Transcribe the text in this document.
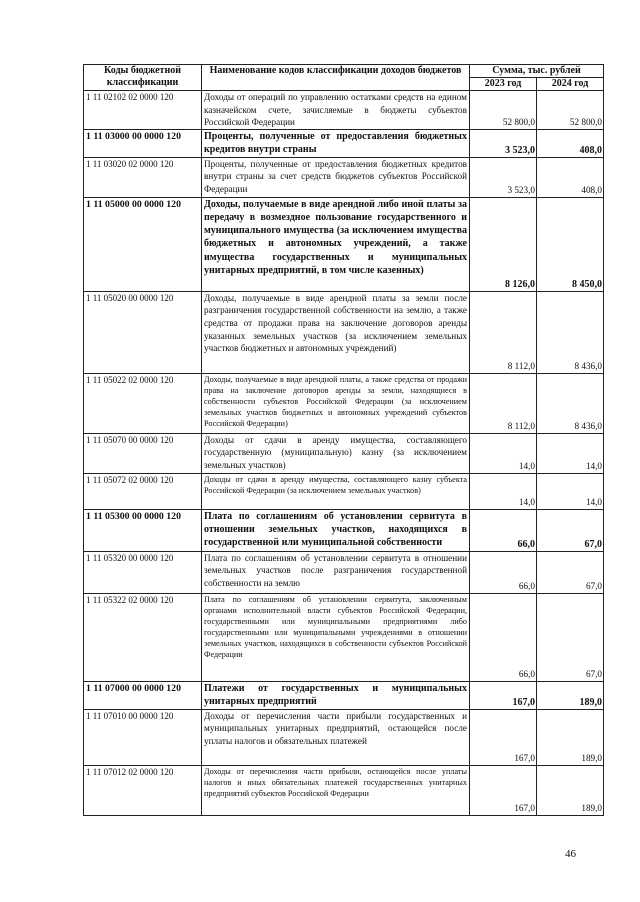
Коды бюджетной классификации	Наименование кодов классификации доходов бюджетов	Сумма, тыс. рублей	
		2023 год	2024 год
1 11 02102 02 0000 120	Доходы от операций по управлению остатками средств на едином казначейском счете, зачисляемые в бюджеты субъектов Российской Федерации	52 800,0	52 800,0
1 11 03000 00 0000 120	Проценты, полученные от предоставления бюджетных кредитов внутри страны	3 523,0	408,0
1 11 03020 02 0000 120	Проценты, полученные от предоставления бюджетных кредитов внутри страны за счет средств бюджетов субъектов Российской Федерации	3 523,0	408,0
1 11 05000 00 0000 120	Доходы, получаемые в виде арендной либо иной платы за передачу в возмездное пользование государственного и муниципального имущества (за исключением имущества бюджетных и автономных учреждений, а также имущества государственных и муниципальных унитарных предприятий, в том числе казенных)	8 126,0	8 450,0
1 11 05020 00 0000 120	Доходы, получаемые в виде арендной платы за земли после разграничения государственной собственности на землю, а также средства от продажи права на заключение договоров аренды указанных земельных участков (за исключением земельных участков бюджетных и автономных учреждений)	8 112,0	8 436,0
1 11 05022 02 0000 120	Доходы, получаемые в виде арендной платы, а также средства от продажи права на заключение договоров аренды за земли, находящиеся в собственности субъектов Российской Федерации (за исключением земельных участков бюджетных и автономных учреждений субъектов Российской Федерации)	8 112,0	8 436,0
1 11 05070 00 0000 120	Доходы от сдачи в аренду имущества, составляющего государственную (муниципальную) казну (за исключением земельных участков)	14,0	14,0
1 11 05072 02 0000 120	Доходы от сдачи в аренду имущества, составляющего казну субъекта Российской Федерации (за исключением земельных участков)	14,0	14,0
1 11 05300 00 0000 120	Плата по соглашениям об установлении сервитута в отношении земельных участков, находящихся в государственной или муниципальной собственности	66,0	67,0
1 11 05320 00 0000 120	Плата по соглашениям об установлении сервитута в отношении земельных участков после разграничения государственной собственности на землю	66,0	67,0
1 11 05322 02 0000 120	Плата по соглашениям об установлении сервитута, заключенным органами исполнительной власти субъектов Российской Федерации, государственными или муниципальными предприятиями либо государственными или муниципальными учреждениями в отношении земельных участков, находящихся в собственности субъектов Российской Федерации	66,0	67,0
1 11 07000 00 0000 120	Платежи от государственных и муниципальных унитарных предприятий	167,0	189,0
1 11 07010 00 0000 120	Доходы от перечисления части прибыли государственных и муниципальных унитарных предприятий, остающейся после уплаты налогов и обязательных платежей	167,0	189,0
1 11 07012 02 0000 120	Доходы от перечисления части прибыли, остающейся после уплаты налогов и иных обязательных платежей государственных унитарных предприятий субъектов Российской Федерации	167,0	189,0
46
